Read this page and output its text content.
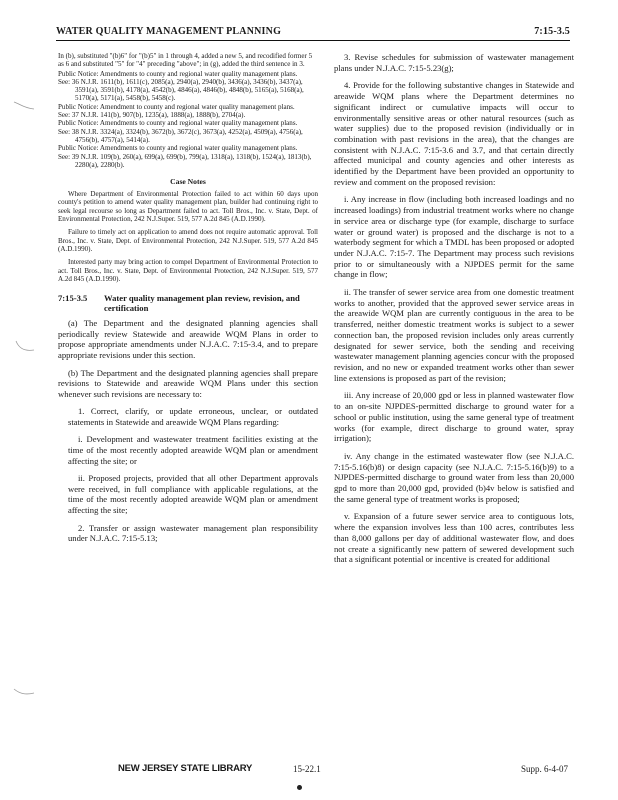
WATER QUALITY MANAGEMENT PLANNING	7:15-3.5

In (b), substituted "(b)6" for "(b)5" in 1 through 4, added a new 5, and recodified former 5 as 6 and substituted "5" for "4" preceding "above"; in (g), added the third sentence in 3.

Public Notice: Amendments to county and regional water quality management plans.

See: 36 N.J.R. 1611(b), 1611(c), 2085(a), 2940(a), 2940(b), 3436(a), 3436(b), 3437(a), 3591(a), 3591(b), 4178(a), 4542(b), 4846(a), 4846(b), 4848(b), 5165(a), 5168(a), 5170(a), 5171(a), 5458(b), 5458(c).

Public Notice: Amendment to county and regional water quality management plans.

See: 37 N.J.R. 141(b), 907(b), 1235(a), 1888(a), 1888(b), 2704(a).

Public Notice: Amendments to county and regional water quality management plans.

See: 38 N.J.R. 3324(a), 3324(b), 3672(b), 3672(c), 3673(a), 4252(a), 4509(a), 4756(a), 4756(b), 4757(a), 5414(a).

Public Notice: Amendments to county and regional water quality management plans.

See: 39 N.J.R. 109(b), 260(a), 699(a), 699(b), 799(a), 1318(a), 1318(b), 1524(a), 1813(b), 2280(a), 2280(b).

Case Notes

Where Department of Environmental Protection failed to act within 60 days upon county's petition to amend water quality management plan, builder had continuing right to seek legal recourse so long as Department failed to act. Toll Bros., Inc. v. State, Dept. of Environmental Protection, 242 N.J.Super. 519, 577 A.2d 845 (A.D.1990).

Failure to timely act on application to amend does not require automatic approval. Toll Bros., Inc. v. State, Dept. of Environmental Protection, 242 N.J.Super. 519, 577 A.2d 845 (A.D.1990).

Interested party may bring action to compel Department of Environmental Protection to act. Toll Bros., Inc. v. State, Dept. of Environmental Protection, 242 N.J.Super. 519, 577 A.2d 845 (A.D.1990).

7:15-3.5	Water quality management plan review, revision, and certification

(a) The Department and the designated planning agencies shall periodically review Statewide and areawide WQM Plans in order to propose appropriate amendments under N.J.A.C. 7:15-3.4, and to prepare appropriate revisions under this section.

(b) The Department and the designated planning agencies shall prepare revisions to Statewide and areawide WQM Plans under this section whenever such revisions are necessary to:

1. Correct, clarify, or update erroneous, unclear, or outdated statements in Statewide and areawide WQM Plans regarding:

i. Development and wastewater treatment facilities existing at the time of the most recently adopted areawide WQM plan or amendment affecting the site; or

ii. Proposed projects, provided that all other Department approvals were received, in full compliance with applicable regulations, at the time of the most recently adopted areawide WQM plan or amendment affecting the site;

2. Transfer or assign wastewater management plan responsibility under N.J.A.C. 7:15-5.13;

3. Revise schedules for submission of wastewater management plans under N.J.A.C. 7:15-5.23(g);

4. Provide for the following substantive changes in Statewide and areawide WQM plans where the Department determines no significant indirect or cumulative impacts will occur to environmentally sensitive areas or other natural resources (such as water supplies) due to the proposed revision (individually or in combination with past revisions in the area), that the changes are consistent with N.J.A.C. 7:15-3.6 and 3.7, and that certain directly affected municipal and county agencies and other interests as identified by the Department have been provided an opportunity to review and comment on the proposed revision:

i. Any increase in flow (including both increased loadings and no increased loadings) from industrial treatment works where no change in service area or discharge type (for example, discharge to surface water or ground water) is proposed and the discharge is not to a waterbody segment for which a TMDL has been proposed or adopted under N.J.A.C. 7:15-7. The Department may process such revisions prior to or simultaneously with a NJPDES permit for the same change in flow;

ii. The transfer of sewer service area from one domestic treatment works to another, provided that the approved sewer service areas in the areawide WQM plan are currently contiguous in the area to be transferred, neither domestic treatment works is subject to a sewer connection ban, the proposed revision includes only areas currently designated for sewer service, both the sending and receiving wastewater management planning agencies concur with the proposed revision, and no new or expanded treatment works other than sewer line extensions is proposed as part of the revision;

iii. Any increase of 20,000 gpd or less in planned wastewater flow to an on-site NJPDES-permitted discharge to ground water for a school or public institution, using the same general type of treatment works (for example, direct discharge to ground water, spray irrigation);

iv. Any change in the estimated wastewater flow (see N.J.A.C. 7:15-5.16(b)8) or design capacity (see N.J.A.C. 7:15-5.16(b)9) to a NJPDES-permitted discharge to ground water from less than 20,000 gpd to more than 20,000 gpd, provided (b)4v below is satisfied and the same general type of treatment works is proposed;

v. Expansion of a future sewer service area to contiguous lots, where the expansion involves less than 100 acres, contributes less than 8,000 gallons per day of additional wastewater flow, and does not create a significantly new pattern of sewered development such that a significant potential or incentive is created for additional

NEW JERSEY STATE LIBRARY	15-22.1	Supp. 6-4-07
